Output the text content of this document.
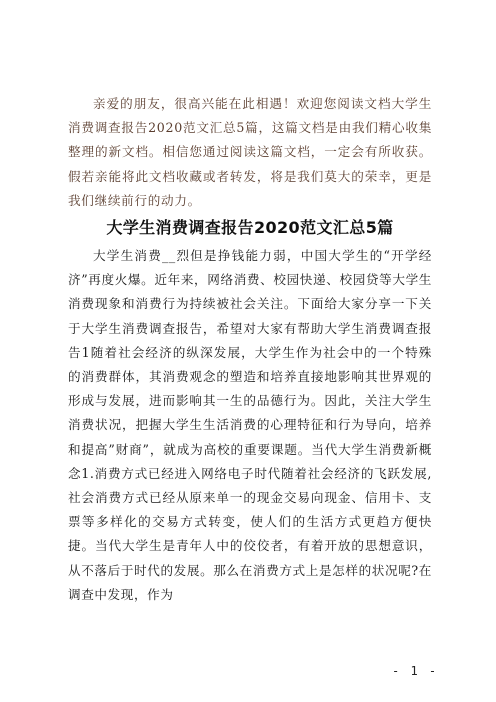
亲爱的朋友，很高兴能在此相遇！欢迎您阅读文档大学生消费调查报告2020范文汇总5篇，这篇文档是由我们精心收集整理的新文档。相信您通过阅读这篇文档，一定会有所收获。假若亲能将此文档收藏或者转发，将是我们莫大的荣幸，更是我们继续前行的动力。

大学生消费调查报告2020范文汇总5篇

大学生消费__烈但是挣钱能力弱，中国大学生的“开学经济”再度火爆。近年来，网络消费、校园快递、校园贷等大学生消费现象和消费行为持续被社会关注。下面给大家分享一下关于大学生消费调查报告，希望对大家有帮助大学生消费调查报告1随着社会经济的纵深发展，大学生作为社会中的一个特殊的消费群体，其消费观念的塑造和培养直接地影响其世界观的形成与发展，进而影响其一生的品德行为。因此，关注大学生消费状况，把握大学生生活消费的心理特征和行为导向，培养和提高”财商”，就成为高校的重要课题。当代大学生消费新概念1.消费方式已经进入网络电子时代随着社会经济的飞跃发展,社会消费方式已经从原来单一的现金交易向现金、信用卡、支票等多样化的交易方式转变，使人们的生活方式更趋方便快捷。当代大学生是青年人中的佼佼者，有着开放的思想意识，从不落后于时代的发展。那么在消费方式上是怎样的状况呢?在调查中发现，作为

- 1 -
